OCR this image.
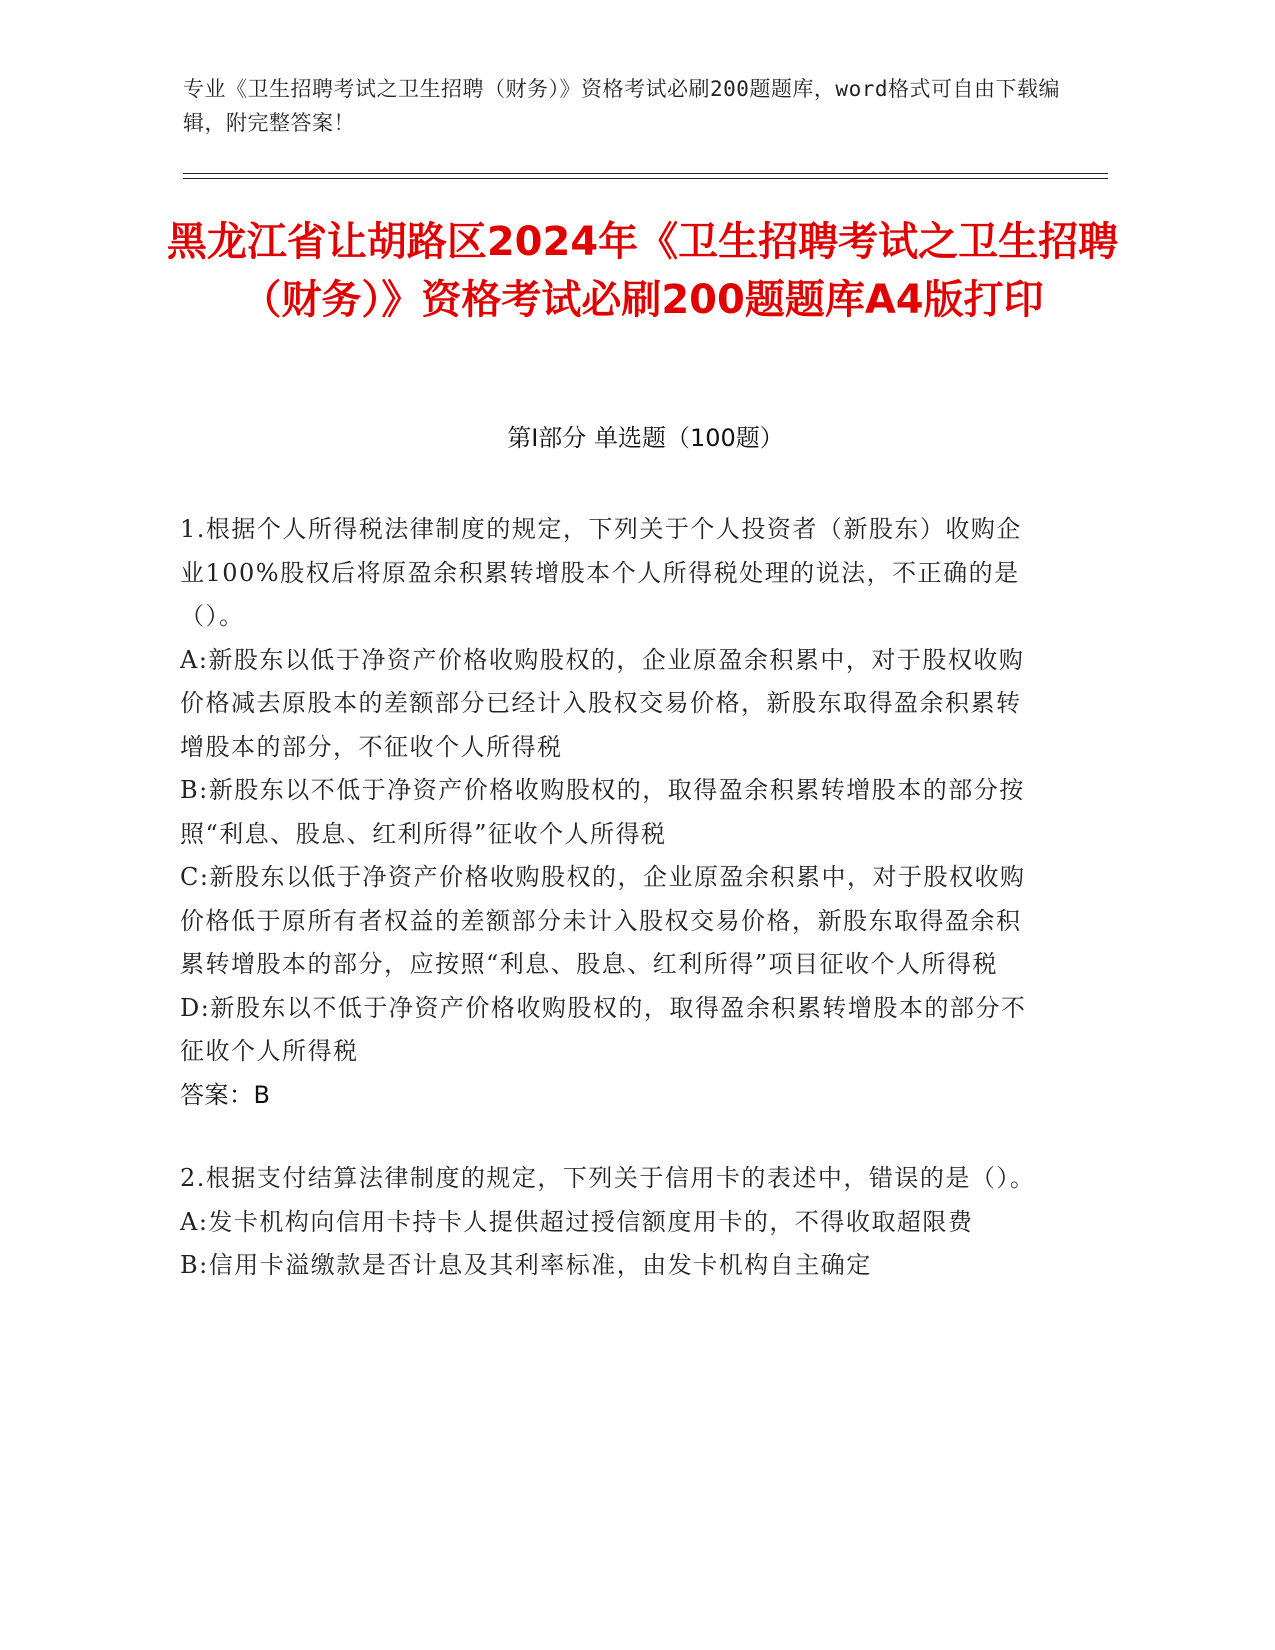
专业《卫生招聘考试之卫生招聘（财务）》资格考试必刷200题题库，word格式可自由下载编辑，附完整答案！
黑龙江省让胡路区2024年《卫生招聘考试之卫生招聘（财务）》资格考试必刷200题题库A4版打印
第Ⅰ部分 单选题（100题）

1.根据个人所得税法律制度的规定，下列关于个人投资者（新股东）收购企业100%股权后将原盈余积累转增股本个人所得税处理的说法，不正确的是（）。

A:新股东以低于净资产价格收购股权的，企业原盈余积累中，对于股权收购价格减去原股本的差额部分已经计入股权交易价格，新股东取得盈余积累转增股本的部分，不征收个人所得税

B:新股东以不低于净资产价格收购股权的，取得盈余积累转增股本的部分按照“利息、股息、红利所得”征收个人所得税

C:新股东以低于净资产价格收购股权的，企业原盈余积累中，对于股权收购价格低于原所有者权益的差额部分未计入股权交易价格，新股东取得盈余积累转增股本的部分，应按照“利息、股息、红利所得”项目征收个人所得税

D:新股东以不低于净资产价格收购股权的，取得盈余积累转增股本的部分不征收个人所得税

答案：B

2.根据支付结算法律制度的规定，下列关于信用卡的表述中，错误的是（）。

A:发卡机构向信用卡持卡人提供超过授信额度用卡的，不得收取超限费

B:信用卡溢缴款是否计息及其利率标准，由发卡机构自主确定
